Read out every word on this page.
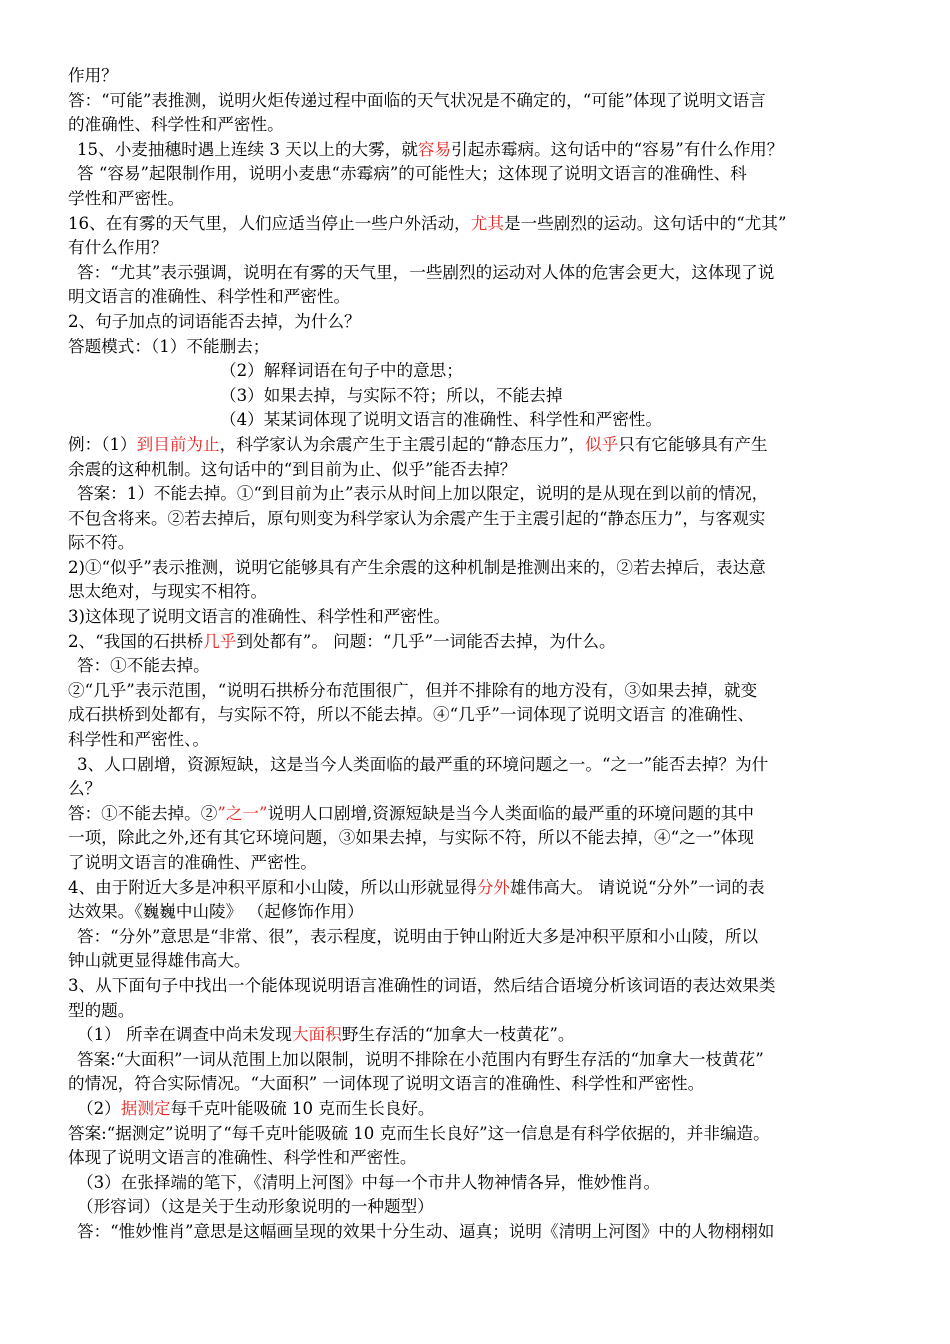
作用？
答：“可能”表推测，说明火炬传递过程中面临的天气状况是不确定的，“可能”体现了说明文语言
的准确性、科学性和严密性。
15、小麦抽穗时遇上连续 3 天以上的大雾，就容易引起赤霉病。这句话中的“容易”有什么作用？
答 “容易”起限制作用，说明小麦患“赤霉病”的可能性大；这体现了说明文语言的准确性、科
学性和严密性。
16、在有雾的天气里，人们应适当停止一些户外活动，尤其是一些剧烈的运动。这句话中的“尤其”
有什么作用？
答：“尤其”表示强调，说明在有雾的天气里，一些剧烈的运动对人体的危害会更大，这体现了说
明文语言的准确性、科学性和严密性。
2、句子加点的词语能否去掉，为什么？
答题模式：（1）不能删去；
（2）解释词语在句子中的意思；
（3）如果去掉，与实际不符；所以，不能去掉
（4）某某词体现了说明文语言的准确性、科学性和严密性。
例：（1）到目前为止，科学家认为余震产生于主震引起的“静态压力”，似乎只有它能够具有产生
余震的这种机制。这句话中的“到目前为止、似乎”能否去掉？
答案：1）不能去掉。①“到目前为止”表示从时间上加以限定，说明的是从现在到以前的情况，
不包含将来。②若去掉后，原句则变为科学家认为余震产生于主震引起的“静态压力”，与客观实
际不符。
2)①“似乎”表示推测，说明它能够具有产生余震的这种机制是推测出来的，②若去掉后，表达意
思太绝对，与现实不相符。
3)这体现了说明文语言的准确性、科学性和严密性。
2、“我国的石拱桥几乎到处都有”。 问题：“几乎”一词能否去掉，为什么。
答：①不能去掉。
②“几乎”表示范围，“说明石拱桥分布范围很广，但并不排除有的地方没有，③如果去掉，就变
成石拱桥到处都有，与实际不符，所以不能去掉。④“几乎”一词体现了说明文语言 的准确性、
科学性和严密性、。
3、人口剧增，资源短缺，这是当今人类面临的最严重的环境问题之一。“之一”能否去掉？为什
么？
答：①不能去掉。②”之一”说明人口剧增,资源短缺是当今人类面临的最严重的环境问题的其中
一项，除此之外,还有其它环境问题，③如果去掉，与实际不符，所以不能去掉，④“之一”体现
了说明文语言的准确性、严密性。
4、由于附近大多是冲积平原和小山陵，所以山形就显得分外雄伟高大。 请说说“分外”一词的表
达效果。《巍巍中山陵》 （起修饰作用）
答：“分外”意思是“非常、很”，表示程度，说明由于钟山附近大多是冲积平原和小山陵，所以
钟山就更显得雄伟高大。
3、从下面句子中找出一个能体现说明语言准确性的词语，然后结合语境分析该词语的表达效果类
型的题。
（1） 所幸在调查中尚未发现大面积野生存活的“加拿大一枝黄花”。
答案:“大面积”一词从范围上加以限制，说明不排除在小范围内有野生存活的“加拿大一枝黄花”
的情况，符合实际情况。“大面积” 一词体现了说明文语言的准确性、科学性和严密性。
（2）据测定每千克叶能吸硫 10 克而生长良好。
答案:“据测定”说明了“每千克叶能吸硫 10 克而生长良好”这一信息是有科学依据的，并非编造。
体现了说明文语言的准确性、科学性和严密性。
（3）在张择端的笔下，《清明上河图》中每一个市井人物神情各异，惟妙惟肖。
（形容词）（这是关于生动形象说明的一种题型）
答：“惟妙惟肖”意思是这幅画呈现的效果十分生动、逼真；说明《清明上河图》中的人物栩栩如
